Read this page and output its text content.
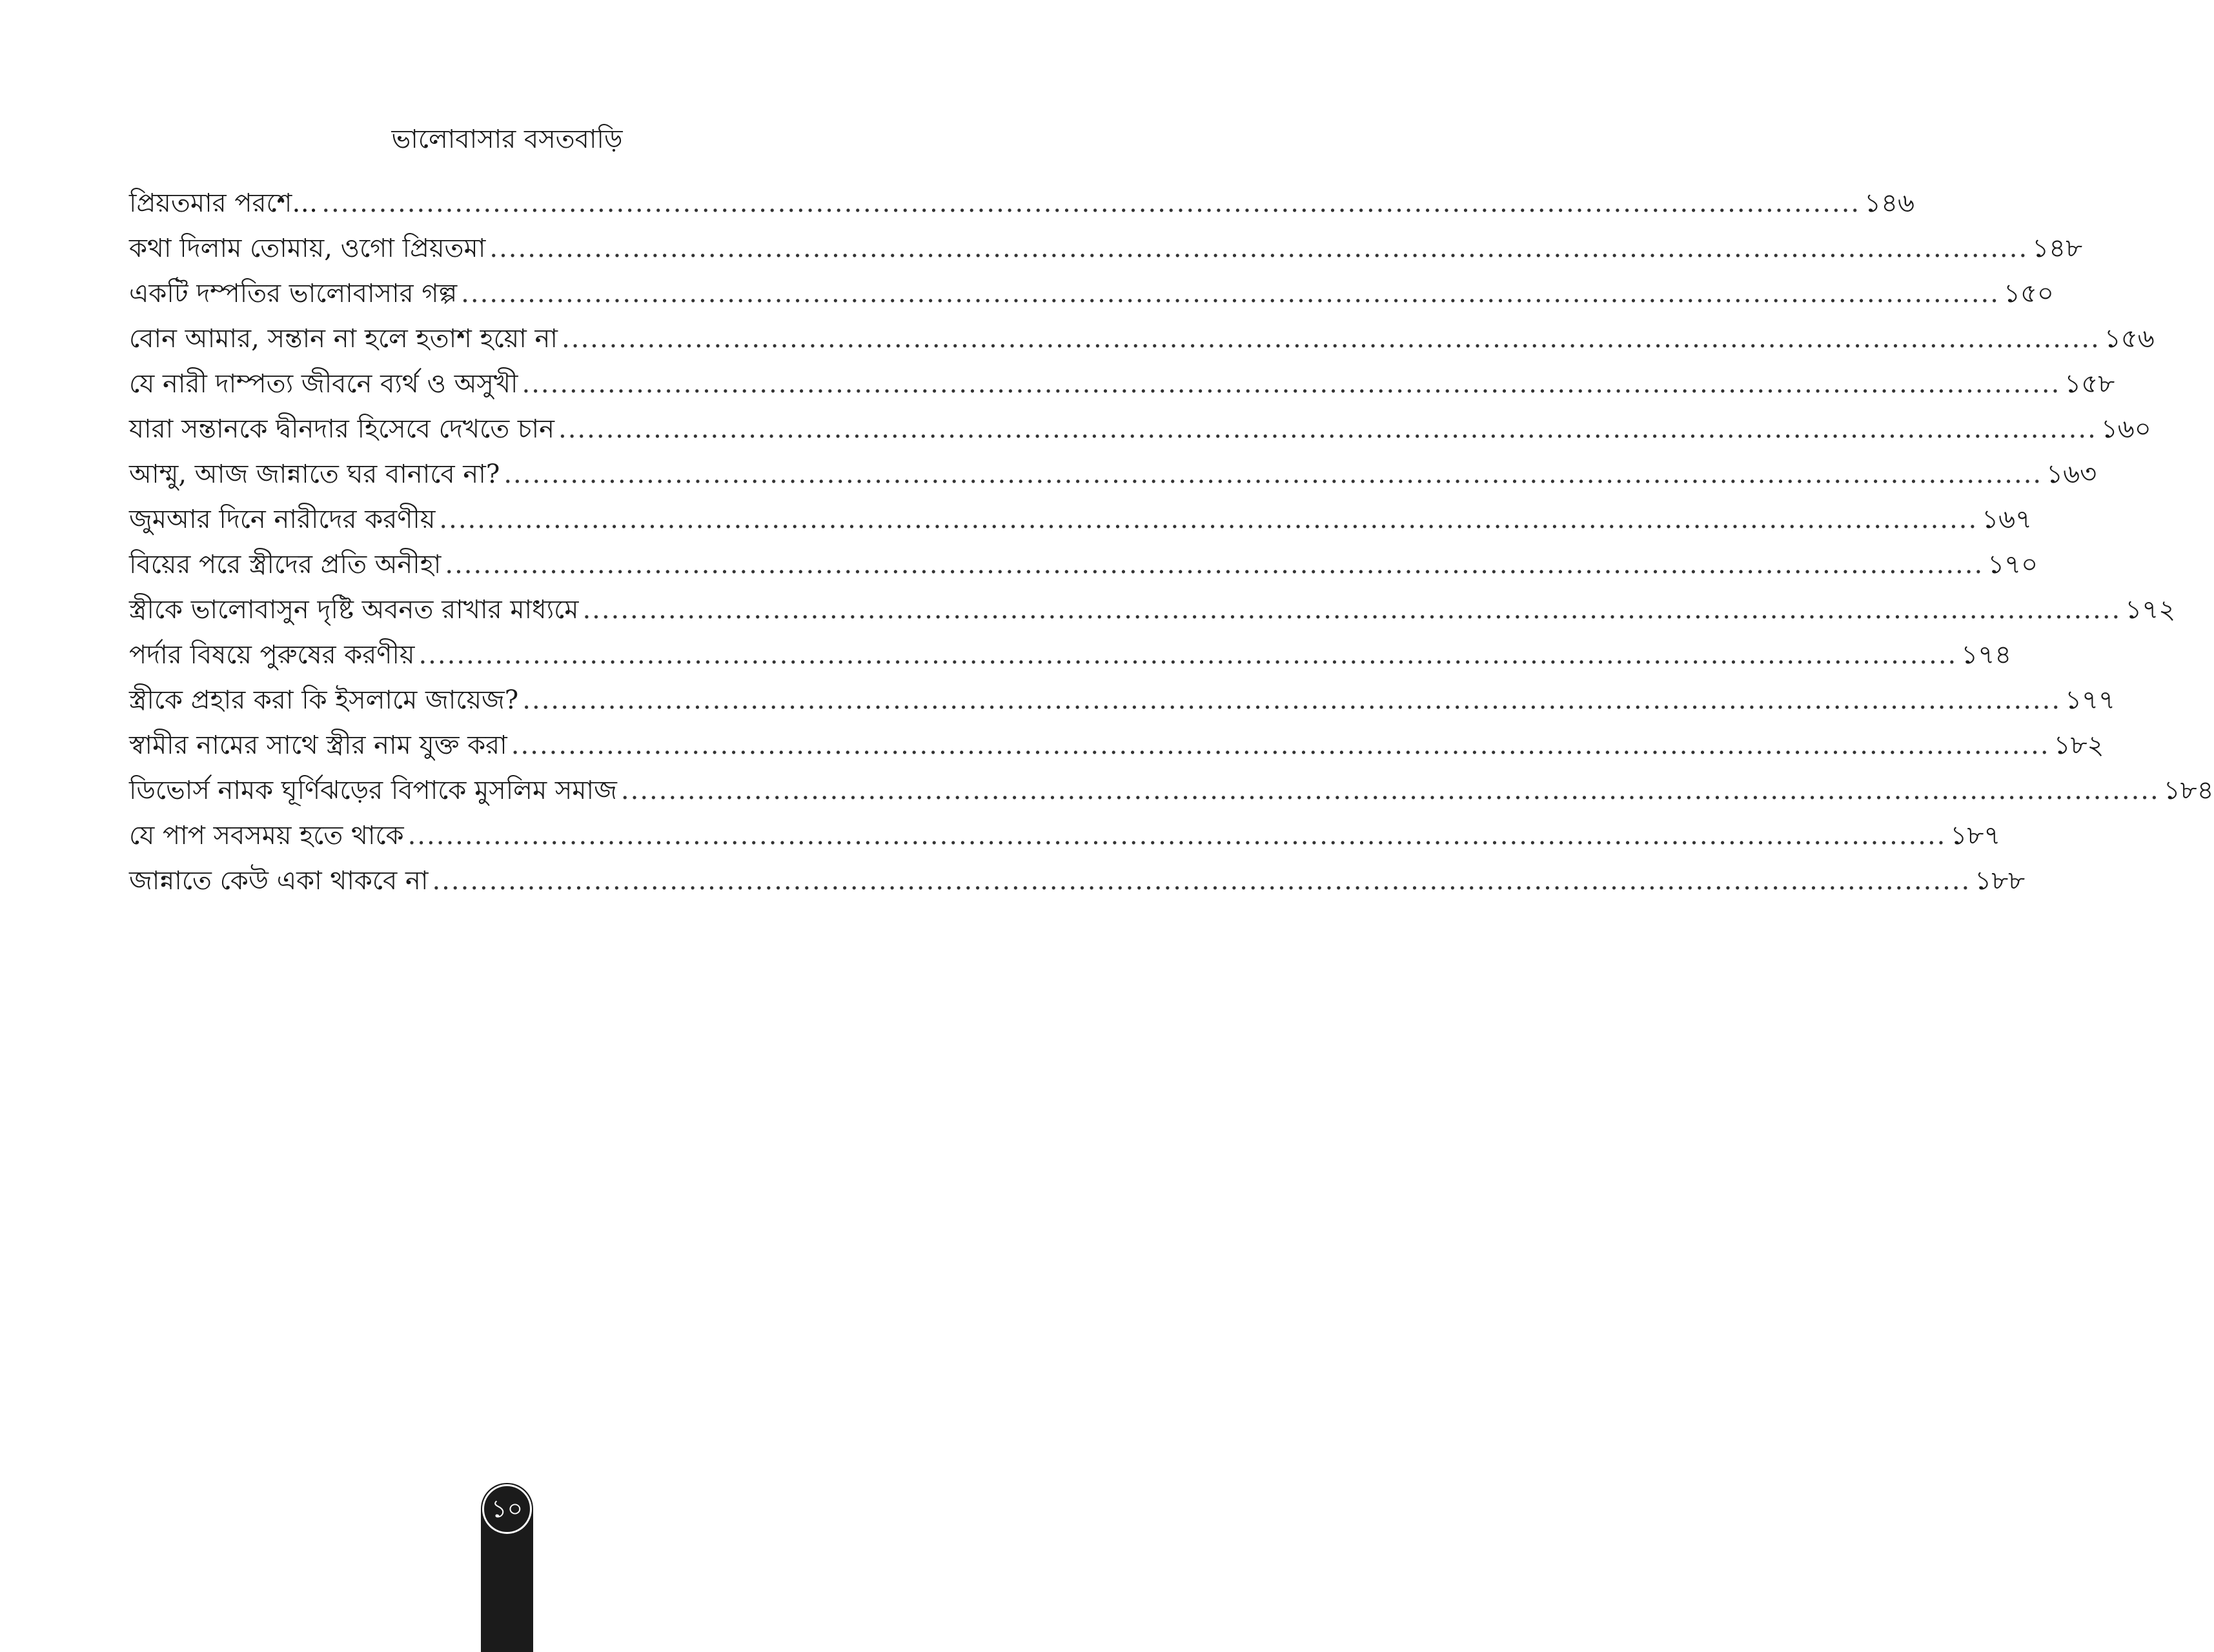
ভালোবাসার বসতবাড়ি
প্রিয়তমার পরশে… .................................................................................................................................................................. ১৪৬
কথা দিলাম তোমায়, ওগো প্রিয়তমা .................................................................................................................................................................. ১৪৮
একটি দম্পতির ভালোবাসার গল্প .................................................................................................................................................................. ১৫০
বোন আমার, সন্তান না হলে হতাশ হয়ো না .................................................................................................................................................................. ১৫৬
যে নারী দাম্পত্য জীবনে ব্যর্থ ও অসুখী .................................................................................................................................................................. ১৫৮
যারা সন্তানকে দ্বীনদার হিসেবে দেখতে চান .................................................................................................................................................................. ১৬০
আম্মু, আজ জান্নাতে ঘর বানাবে না? .................................................................................................................................................................. ১৬৩
জুমআর দিনে নারীদের করণীয় .................................................................................................................................................................. ১৬৭
বিয়ের পরে স্ত্রীদের প্রতি অনীহা .................................................................................................................................................................. ১৭০
স্ত্রীকে ভালোবাসুন দৃষ্টি অবনত রাখার মাধ্যমে .................................................................................................................................................................. ১৭২
পর্দার বিষয়ে পুরুষের করণীয় .................................................................................................................................................................. ১৭৪
স্ত্রীকে প্রহার করা কি ইসলামে জায়েজ? .................................................................................................................................................................. ১৭৭
স্বামীর নামের সাথে স্ত্রীর নাম যুক্ত করা .................................................................................................................................................................. ১৮২
ডিভোর্স নামক ঘূর্ণিঝড়ের বিপাকে মুসলিম সমাজ .................................................................................................................................................................. ১৮৪
যে পাপ সবসময় হতে থাকে .................................................................................................................................................................. ১৮৭
জান্নাতে কেউ একা থাকবে না .................................................................................................................................................................. ১৮৮
১০
